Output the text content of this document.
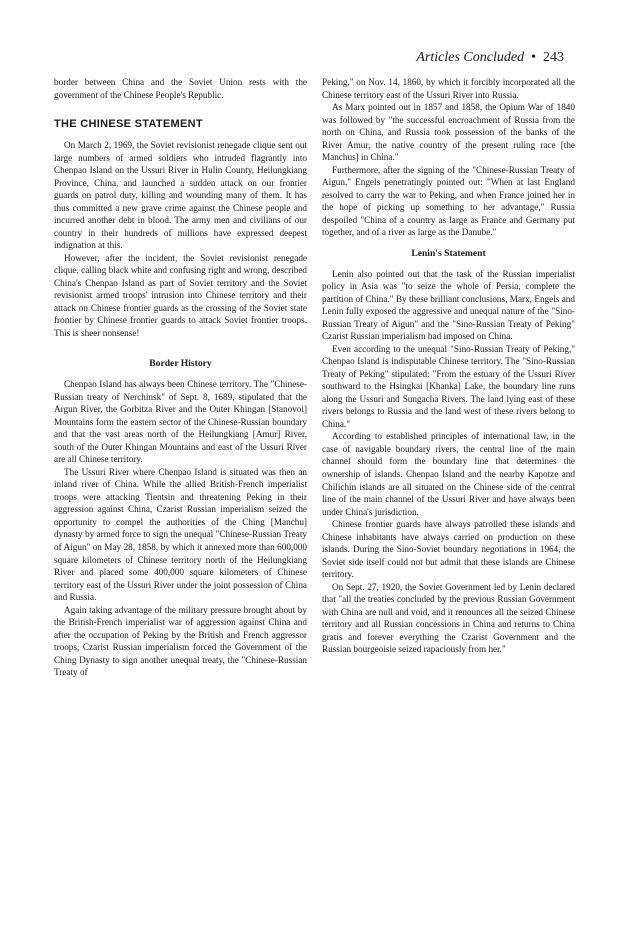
Articles Concluded • 243

border between China and the Soviet Union rests with the government of the Chinese People's Republic.

THE CHINESE STATEMENT

On March 2, 1969, the Soviet revisionist renegade clique sent out large numbers of armed soldiers who intruded flagrantly into Chenpao Island on the Ussuri River in Hulin County, Heilungkiang Province, China, and launched a sudden attack on our frontier guards on patrol duty, killing and wounding many of them. It has thus committed a new grave crime against the Chinese people and incurred another debt in blood. The army men and civilians of our country in their hundreds of millions have expressed deepest indignation at this.

However, after the incident, the Soviet revisionist renegade clique, calling black white and confusing right and wrong, described China's Chenpao Island as part of Soviet territory and the Soviet revisionist armed troops' intrusion into Chinese territory and their attack on Chinese frontier guards as the crossing of the Soviet state frontier by Chinese frontier guards to attack Soviet frontier troops. This is sheer nonsense!

Border History

Chenpao Island has always been Chinese territory. The "Chinese-Russian treaty of Nerchinsk" of Sept. 8, 1689, stipulated that the Argun River, the Gorbitza River and the Outer Khingan [Stanovoi] Mountains form the eastern sector of the Chinese-Russian boundary and that the vast areas north of the Heilungkiang [Amur] River, south of the Outer Khingan Mountains and east of the Ussuri River are all Chinese territory.

The Ussuri River where Chenpao Island is situated was then an inland river of China. While the allied British-French imperialist troops were attacking Tientsin and threatening Peking in their aggression against China, Czarist Russian imperialism seized the opportunity to compel the authorities of the Ching [Manchu] dynasty by armed force to sign the unequal "Chinese-Russian Treaty of Aigun" on May 28, 1858, by which it annexed more than 600,000 square kilometers of Chinese territory north of the Heilungkiang River and placed some 400,000 square kilometers of Chinese territory east of the Ussuri River under the joint possession of China and Russia.

Again taking advantage of the military pressure brought about by the British-French imperialist war of aggression against China and after the occupation of Peking by the British and French aggressor troops, Czarist Russian imperialism forced the Government of the Ching Dynasty to sign another unequal treaty, the "Chinese-Russian Treaty of

Peking," on Nov. 14, 1860, by which it forcibly incorporated all the Chinese territory east of the Ussuri River into Russia.

As Marx pointed out in 1857 and 1858, the Opium War of 1840 was followed by "the successful encroachment of Russia from the north on China, and Russia took possession of the banks of the River Amur, the native country of the present ruling race [the Manchus] in China."

Furthermore, after the signing of the "Chinese-Russian Treaty of Aigun," Engels penetratingly pointed out: "When at last England resolved to carry the war to Peking, and when France joined her in the hope of picking up something to her advantage," Russia despoiled "China of a country as large as France and Germany put together, and of a river as large as the Danube."

Lenin's Statement

Lenin also pointed out that the task of the Russian imperialist policy in Asia was "to seize the whole of Persia, complete the partition of China." By these brilliant conclusions, Marx, Engels and Lenin fully exposed the aggressive and unequal nature of the "Sino-Russian Treaty of Aigun" and the "Sino-Russian Treaty of Peking" Czarist Russian imperialism had imposed on China.

Even according to the unequal "Sino-Russian Treaty of Peking," Chenpao Island is indisputable Chinese territory. The "Sino-Russian Treaty of Peking" stipulated: "From the estuary of the Ussuri River southward to the Hsingkai [Khanka] Lake, the boundary line runs along the Ussuri and Sungacha Rivers. The land lying east of these rivers belongs to Russia and the land west of these rivers belong to China."

According to established principles of international law, in the case of navigable boundary rivers, the central line of the main channel should form the boundary line that determines the ownership of islands. Chenpao Island and the nearby Kapotze and Chilichin islands are all situated on the Chinese side of the central line of the main channel of the Ussuri River and have always been under China's jurisdiction.

Chinese frontier guards have always patrolled these islands and Chinese inhabitants have always carried on production on these islands. During the Sino-Soviet boundary negotiations in 1964, the Soviet side itself could not but admit that these islands are Chinese territory.

On Sept. 27, 1920, the Soviet Government led by Lenin declared that "all the treaties concluded by the previous Russian Government with China are null and void, and it renounces all the seized Chinese territory and all Russian concessions in China and returns to China gratis and forever everything the Czarist Government and the Russian bourgeoisie seized rapaciously from her."
